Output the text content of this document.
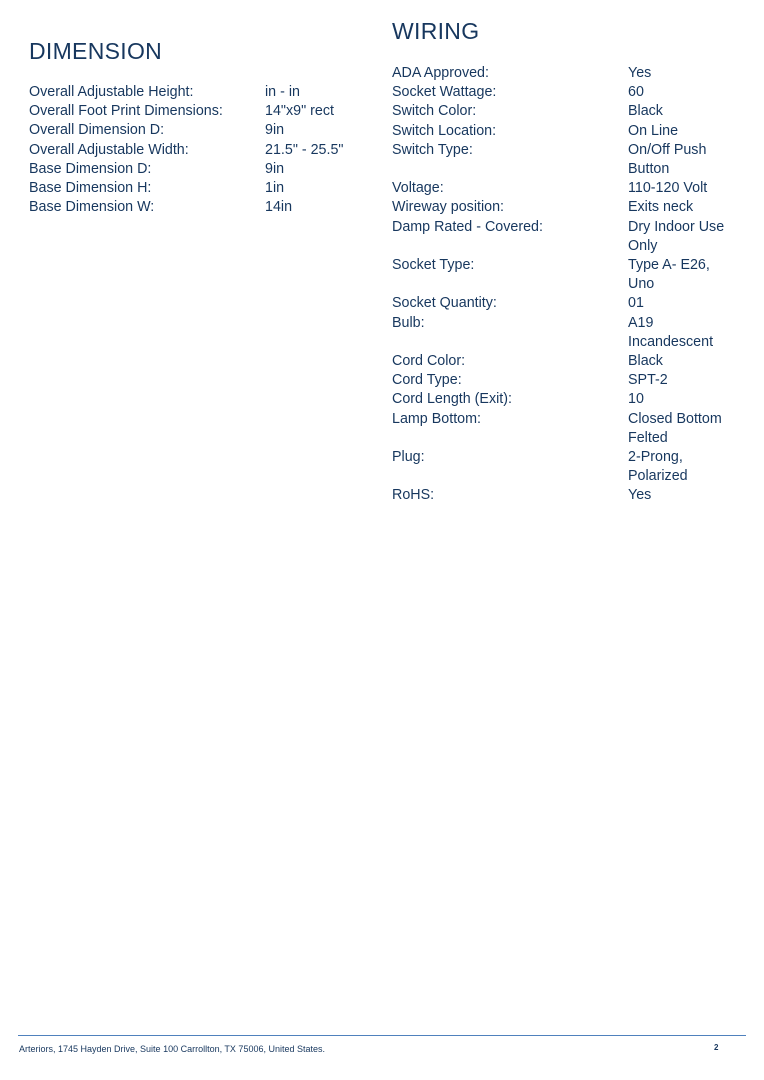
DIMENSION
Overall Adjustable Height:	in - in
Overall Foot Print Dimensions:	14"x9" rect
Overall Dimension D:	9in
Overall Adjustable Width:	21.5" - 25.5"
Base Dimension D:	9in
Base Dimension H:	1in
Base Dimension W:	14in
WIRING
ADA Approved:	Yes
Socket Wattage:	60
Switch Color:	Black
Switch Location:	On Line
Switch Type:	On/Off Push Button
Voltage:	110-120 Volt
Wireway position:	Exits neck
Damp Rated - Covered:	Dry Indoor Use Only
Socket Type:	Type A- E26, Uno
Socket Quantity:	01
Bulb:	A19 Incandescent
Cord Color:	Black
Cord Type:	SPT-2
Cord Length (Exit):	10
Lamp Bottom:	Closed Bottom Felted
Plug:	2-Prong, Polarized
RoHS:	Yes
Arteriors, 1745 Hayden Drive, Suite 100 Carrollton, TX 75006, United States.	2
